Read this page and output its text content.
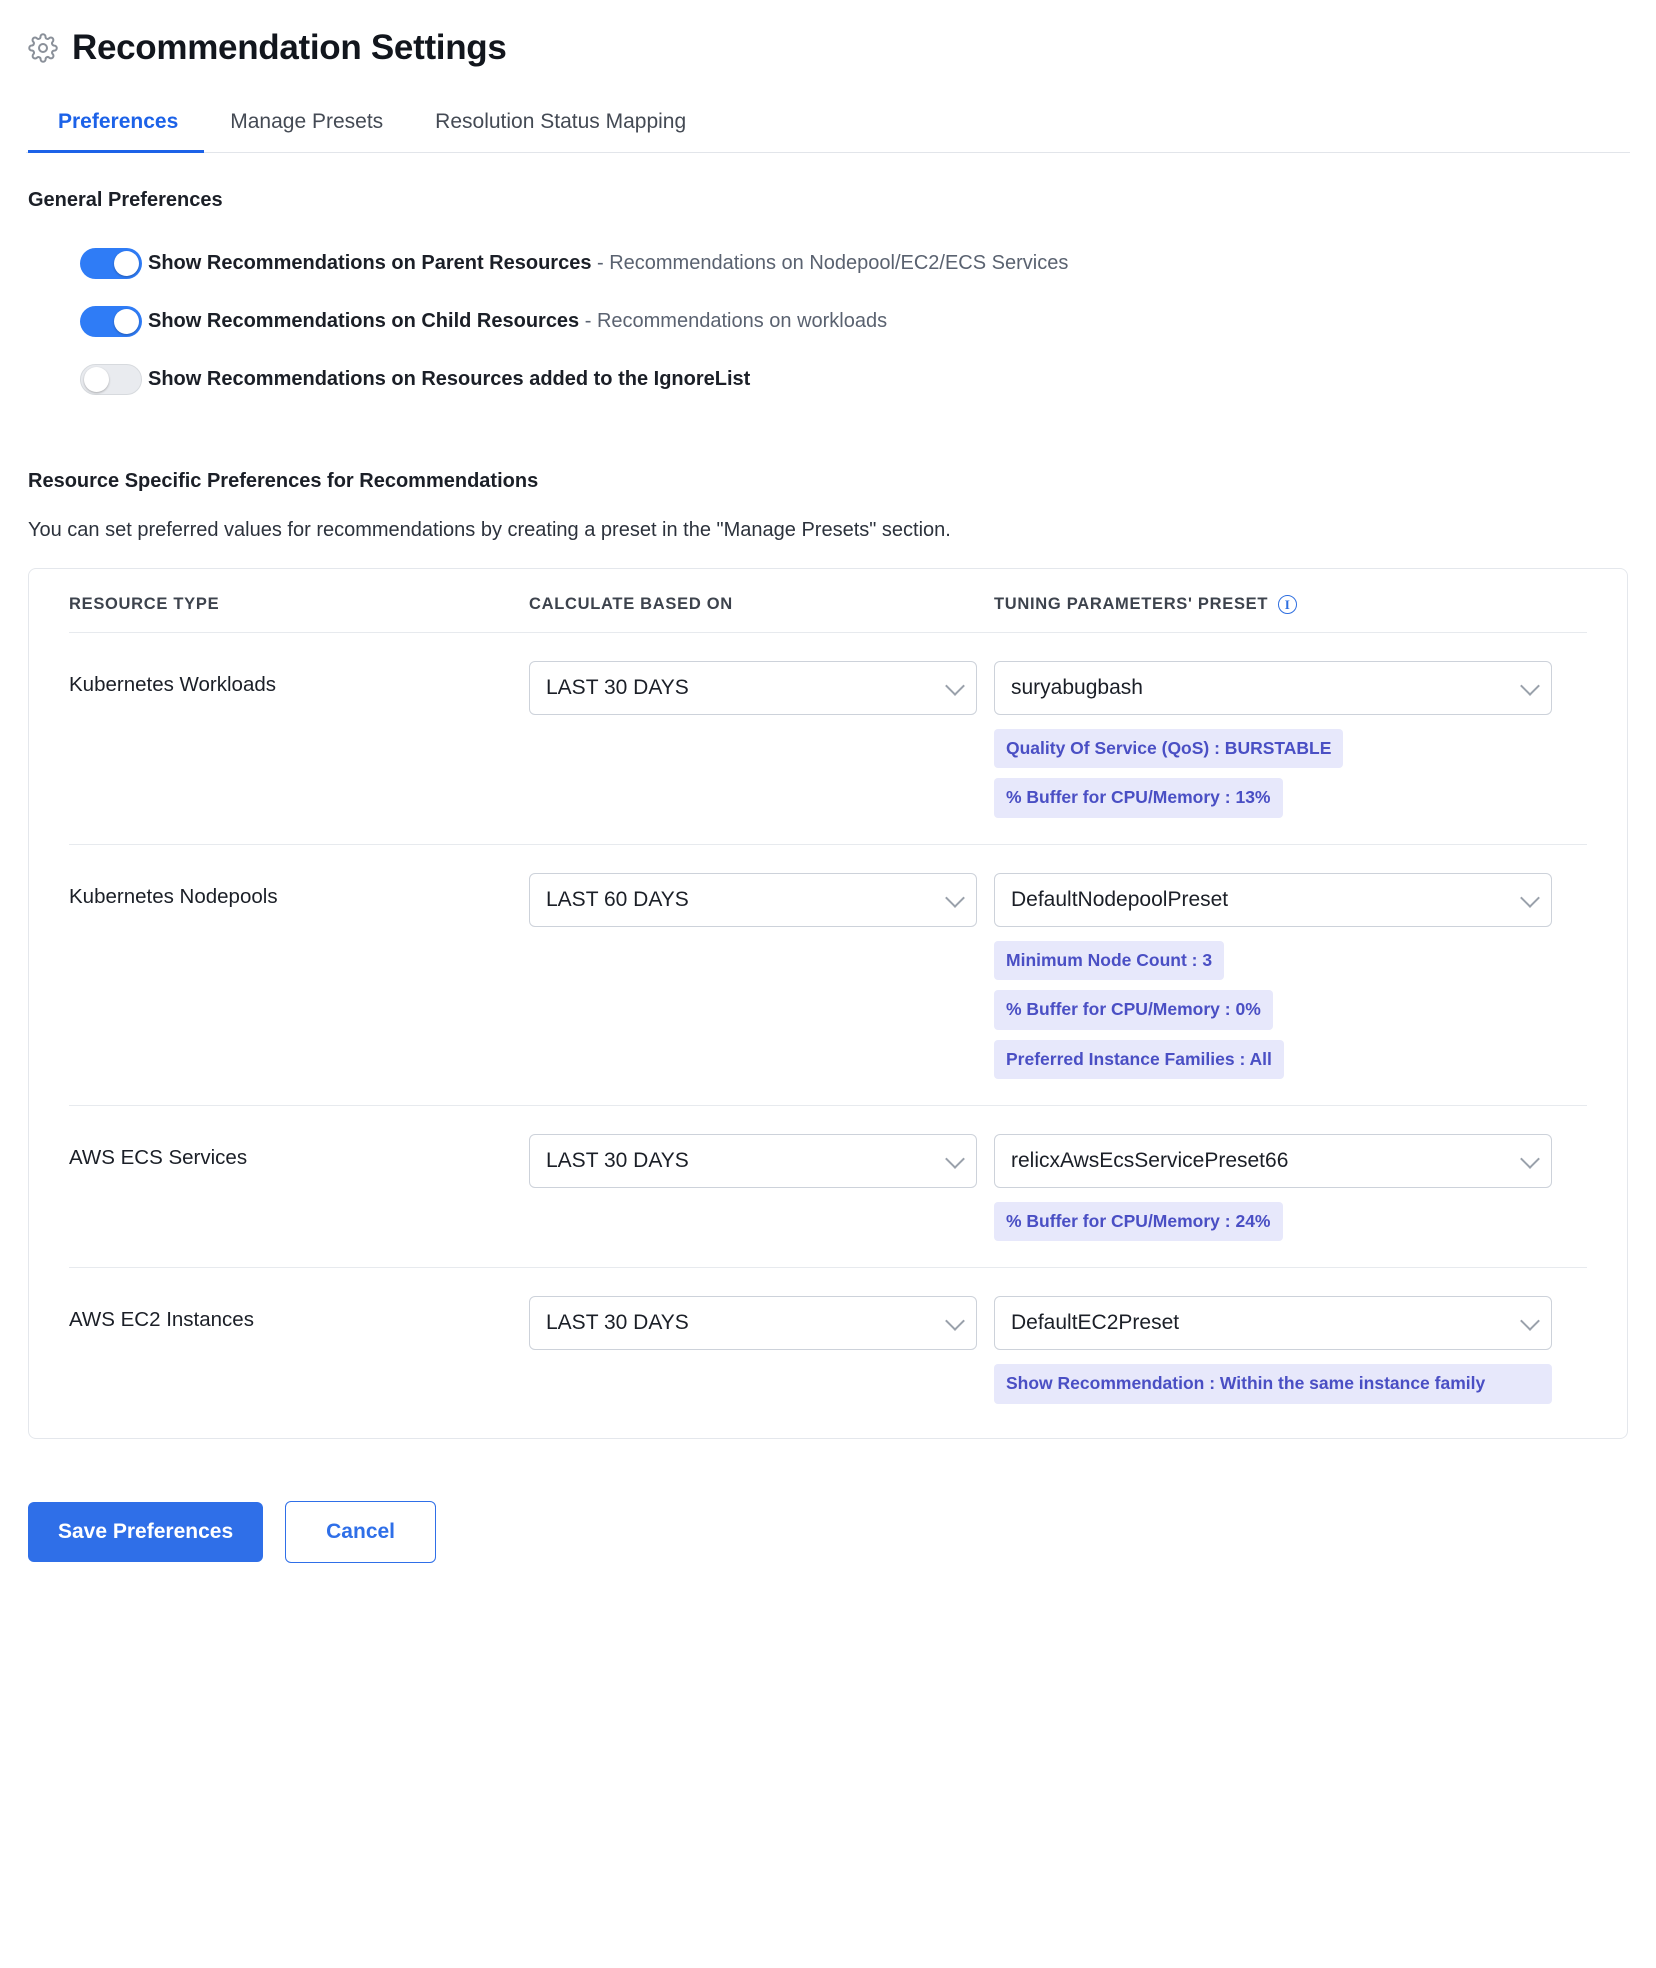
Recommendation Settings
Preferences	Manage Presets	Resolution Status Mapping
General Preferences
Show Recommendations on Parent Resources - Recommendations on Nodepool/EC2/ECS Services
Show Recommendations on Child Resources - Recommendations on workloads
Show Recommendations on Resources added to the IgnoreList
Resource Specific Preferences for Recommendations
You can set preferred values for recommendations by creating a preset in the "Manage Presets" section.
RESOURCE TYPE	CALCULATE BASED ON	TUNING PARAMETERS' PRESET	I
Kubernetes Workloads	LAST 30 DAYS	suryabugbash
Quality Of Service (QoS) : BURSTABLE
% Buffer for CPU/Memory : 13%
Kubernetes Nodepools	LAST 60 DAYS	DefaultNodepoolPreset
Minimum Node Count : 3
% Buffer for CPU/Memory : 0%
Preferred Instance Families : All
AWS ECS Services	LAST 30 DAYS	relicxAwsEcsServicePreset66
% Buffer for CPU/Memory : 24%
AWS EC2 Instances	LAST 30 DAYS	DefaultEC2Preset
Show Recommendation : Within the same instance family
Save Preferences	Cancel
